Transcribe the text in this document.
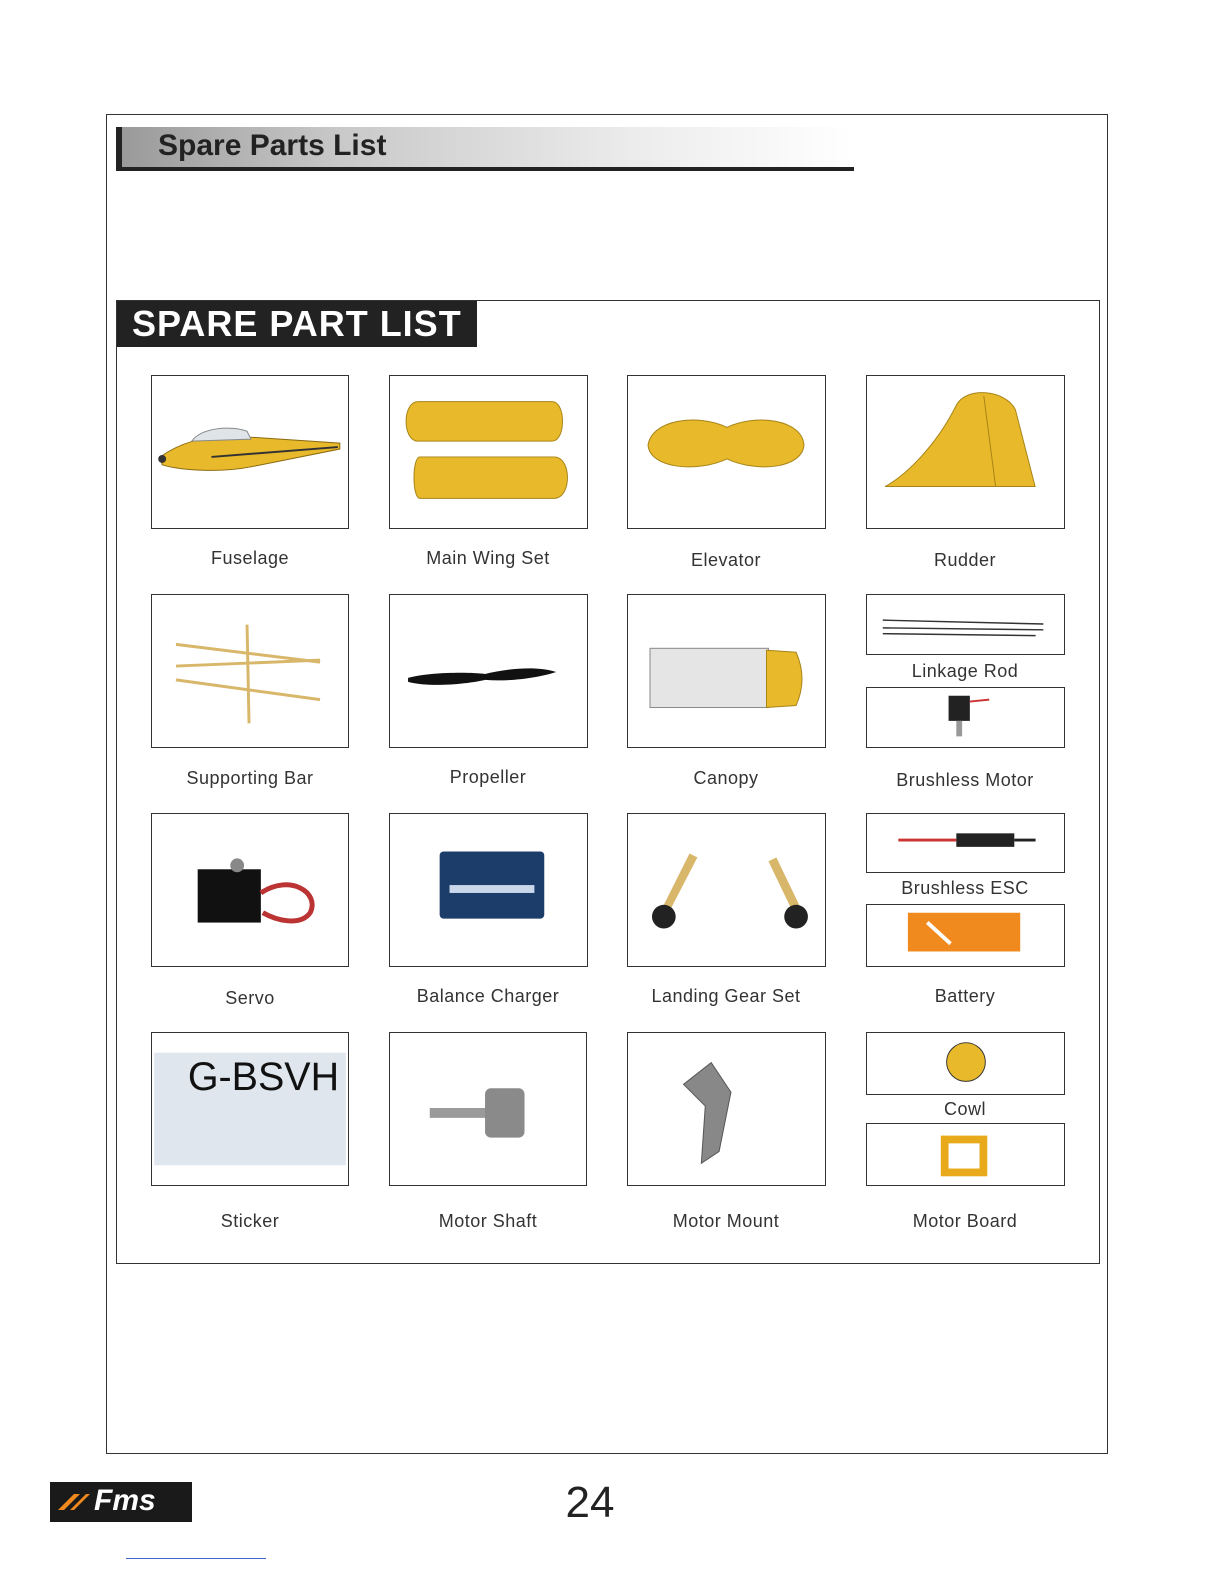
Spare Parts List
SPARE PART LIST
Fuselage	Main Wing Set	Elevator	Rudder
Supporting Bar	Propeller	Canopy
Linkage Rod
Brushless Motor
Servo	Balance Charger	Landing Gear Set
Brushless ESC
Battery
G-BSVH
Sticker	Motor Shaft	Motor Mount
Cowl
Motor Board
Fms	24
